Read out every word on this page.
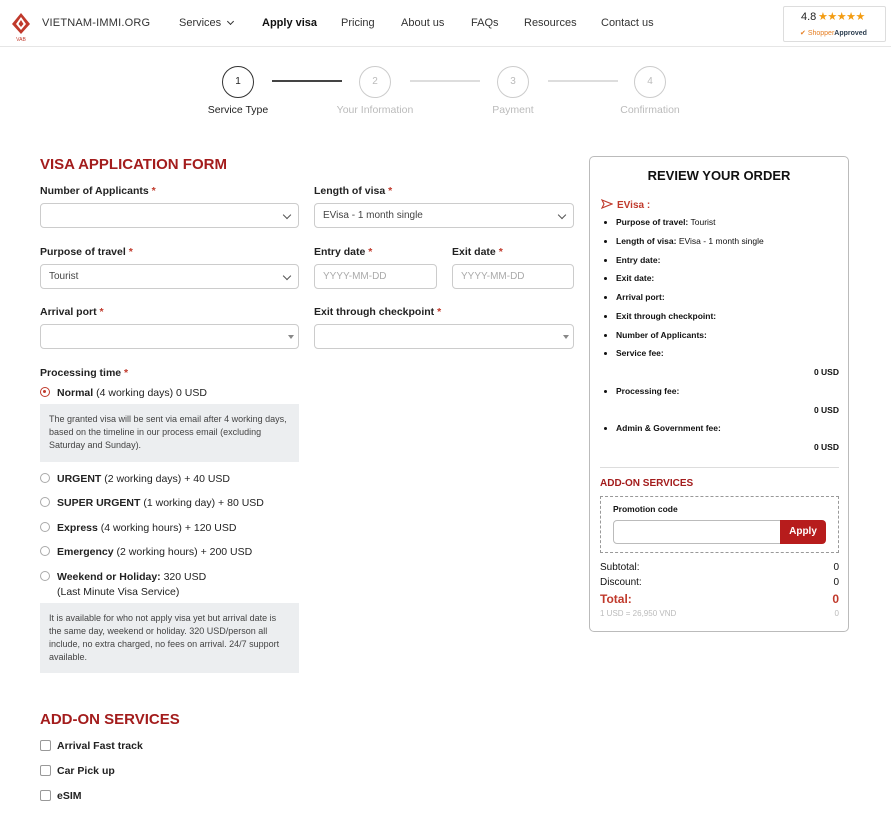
VAB
VIETNAM-IMMI.ORG	Services	Apply visa Pricing About us FAQs Resources Contact us	4.8 ★★★★★
✔ ShopperApproved
1	2	3	4
Service Type	Your Information	Payment	Confirmation
VISA APPLICATION FORM
Number of Applicants *	Length of visa *
EVisa - 1 month single
Purpose of travel *
Tourist
Entry date *
YYYY-MM-DD
Exit date *
YYYY-MM-DD
Arrival port *	Exit through checkpoint *
Processing time *
Normal (4 working days) 0 USD
The granted visa will be sent via email after 4 working days, based on the timeline in our process email (excluding Saturday and Sunday).
URGENT (2 working days) + 40 USD
SUPER URGENT (1 working day) + 80 USD
Express (4 working hours) + 120 USD
Emergency (2 working hours) + 200 USD
Weekend or Holiday: 320 USD
(Last Minute Visa Service)
It is available for who not apply visa yet but arrival date is the same day, weekend or holiday. 320 USD/person all include, no extra charged, no fees on arrival. 24/7 support available.
ADD-ON SERVICES
Arrival Fast track
Car Pick up
eSIM
REVIEW YOUR ORDER
EVisa :
Purpose of travel: Tourist
Length of visa: EVisa - 1 month single
Entry date:
Exit date:
Arrival port:
Exit through checkpoint:
Number of Applicants:
Service fee:
0 USD
Processing fee:
0 USD
Admin & Government fee:
0 USD
ADD-ON SERVICES
Promotion code
Apply
Subtotal:	0
Discount:	0
Total:	0
1 USD = 26,950 VND	0
